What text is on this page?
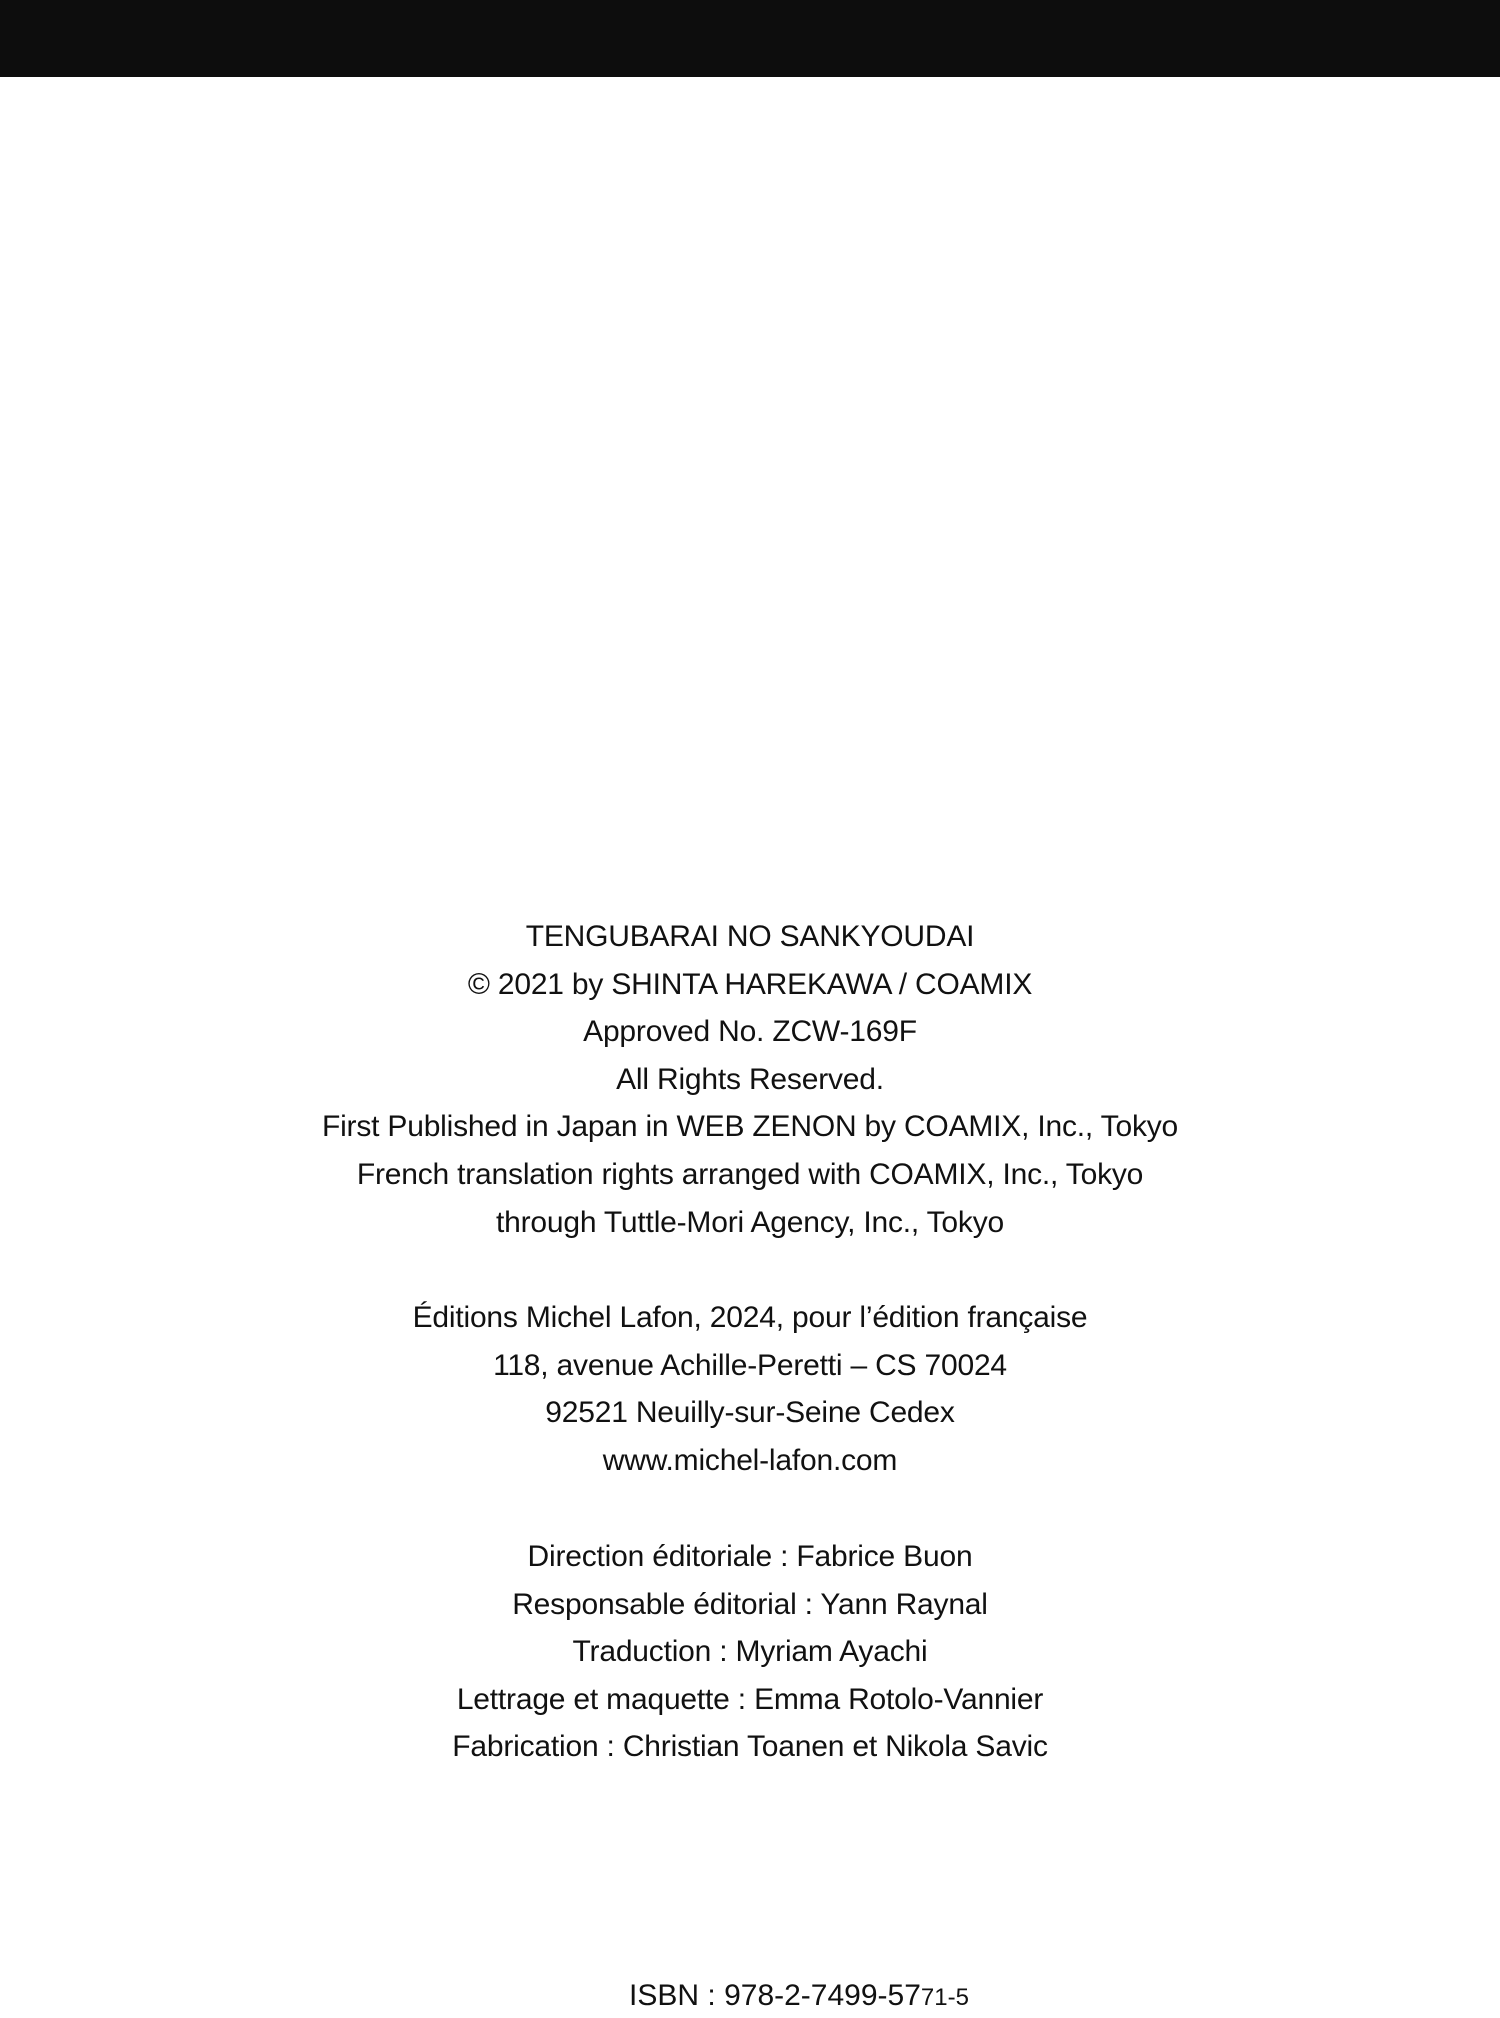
TENGUBARAI NO SANKYOUDAI
© 2021 by SHINTA HAREKAWA / COAMIX
Approved No. ZCW-169F
All Rights Reserved.
First Published in Japan in WEB ZENON by COAMIX, Inc., Tokyo
French translation rights arranged with COAMIX, Inc., Tokyo
through Tuttle-Mori Agency, Inc., Tokyo
Éditions Michel Lafon, 2024, pour l’édition française
118, avenue Achille-Peretti – CS 70024
92521 Neuilly-sur-Seine Cedex
www.michel-lafon.com
Direction éditoriale : Fabrice Buon
Responsable éditorial : Yann Raynal
Traduction : Myriam Ayachi
Lettrage et maquette : Emma Rotolo-Vannier
Fabrication : Christian Toanen et Nikola Savic
ISBN : 978-2-7499-5771-5
